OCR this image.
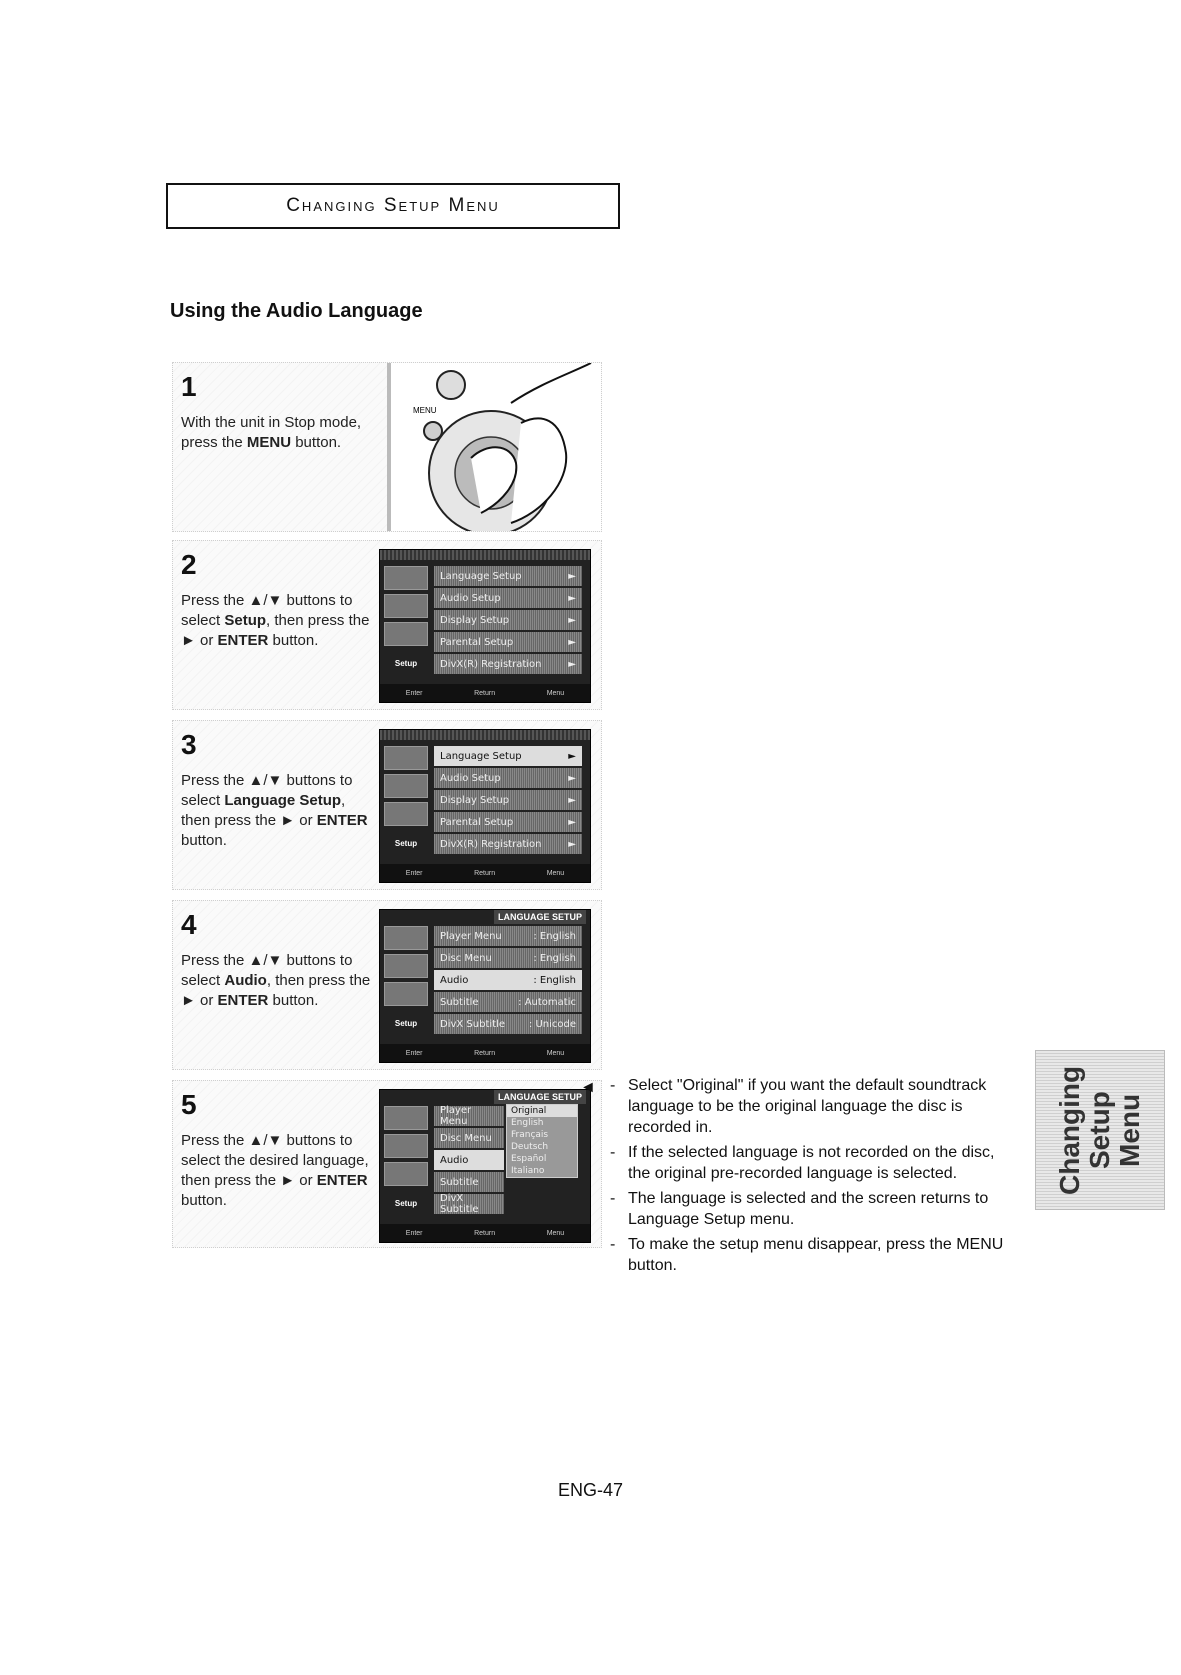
Changing Setup Menu
Using the Audio Language
1
With the unit in Stop mode, press the MENU button.
MENU
2
Press the ▲/▼ buttons to select Setup, then press the ► or ENTER button.
Setup
Language Setup	►
Audio Setup	►
Display Setup	►
Parental Setup	►
DivX(R) Registration	►
Enter	Return	Menu
3
Press the ▲/▼ buttons to select Language Setup, then press the ► or ENTER button.	Setup
Language Setup	►
Audio Setup	►
Display Setup	►
Parental Setup	►
DivX(R) Registration	►
Enter	Return	Menu
4
Press the ▲/▼ buttons to select Audio, then press the ► or ENTER button.
LANGUAGE SETUP
Setup
Player Menu	: English
Disc Menu	: English
Audio	: English
Subtitle	: Automatic
DivX Subtitle : Unicode
Enter	Return	Menu
5
Press the ▲/▼ buttons to select the desired language, then press the ► or ENTER button.
LANGUAGE SETUP
Setup
Player Menu
Disc Menu
Audio
Subtitle
DivX Subtitle
Original
English
Français
Deutsch
Español
Italiano
Enter	Return	Menu
◄ - Select "Original" if you want the default soundtrack language to be the original language the disc is recorded in.
- If the selected language is not recorded on the disc, the original pre-recorded language is selected.
- The language is selected and the screen returns to Language Setup menu.
- To make the setup menu disappear, press the MENU button.
Changing Setup Menu
ENG-47
